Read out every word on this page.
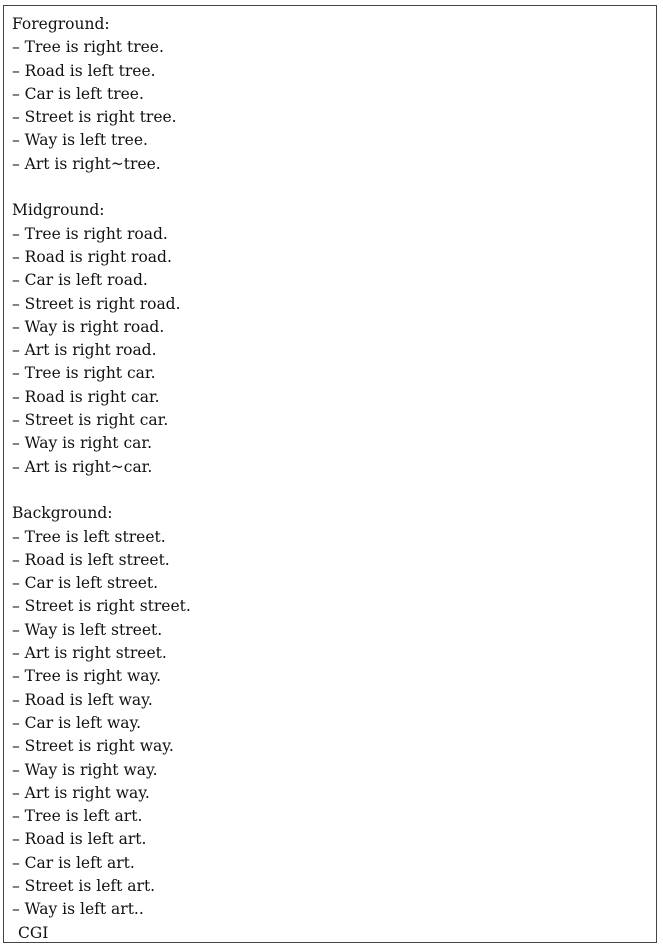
Foreground:

– Tree is right tree.

– Road is left tree.

– Car is left tree.

– Street is right tree.

– Way is left tree.

– Art is right~tree.

Midground:

– Tree is right road.

– Road is right road.

– Car is left road.

– Street is right road.

– Way is right road.

– Art is right road.

– Tree is right car.

– Road is right car.

– Street is right car.

– Way is right car.

– Art is right~car.

Background:

– Tree is left street.

– Road is left street.

– Car is left street.

– Street is right street.

– Way is left street.

– Art is right street.

– Tree is right way.

– Road is left way.

– Car is left way.

– Street is right way.

– Way is right way.

– Art is right way.

– Tree is left art.

– Road is left art.

– Car is left art.

– Street is left art.

– Way is left art..

CGI
